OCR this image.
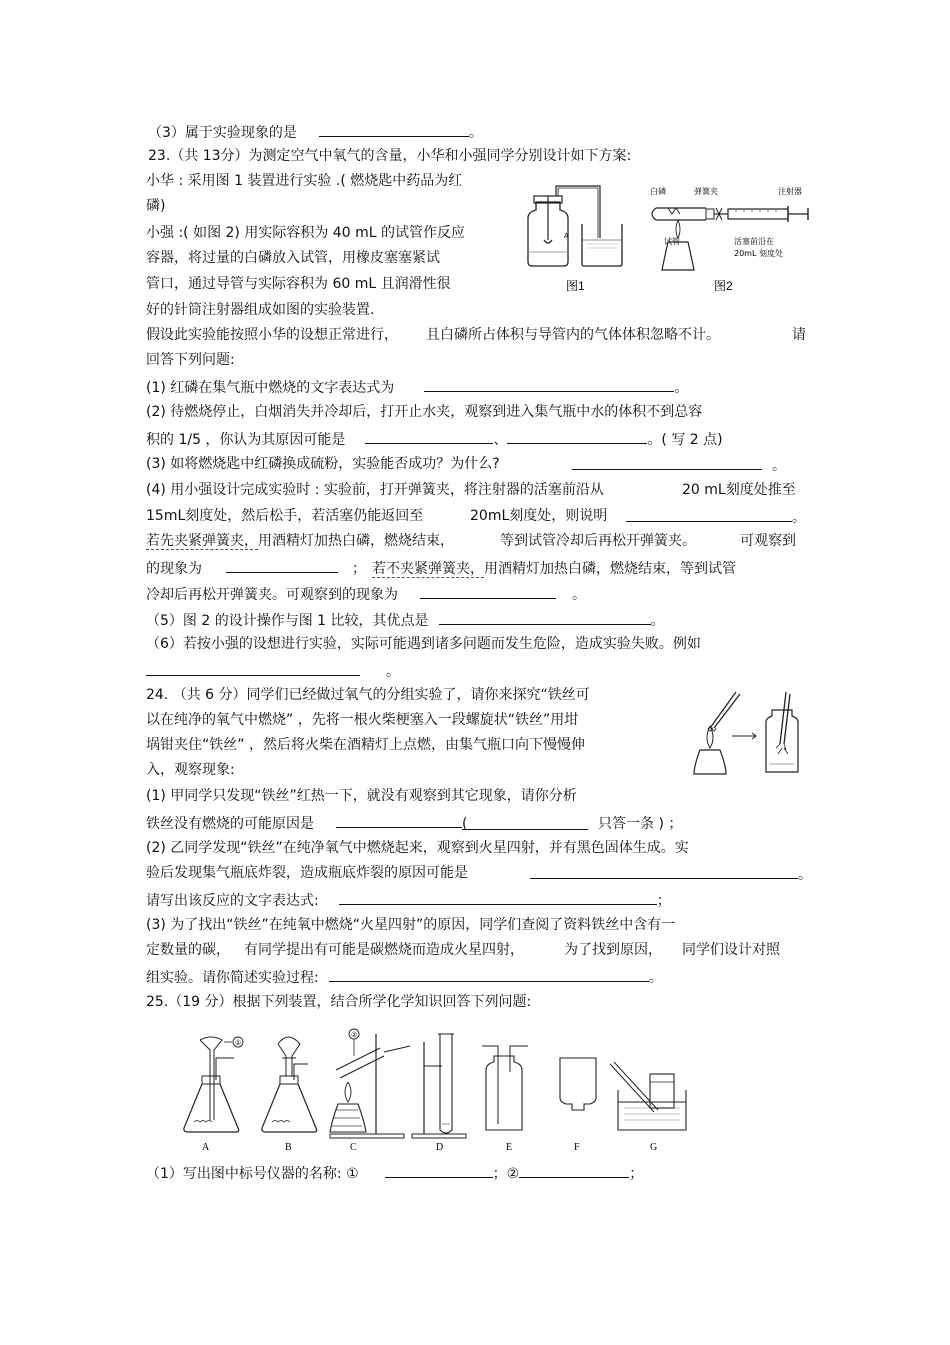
（3）属于实验现象的是	。
23.（共 13分）为测定空气中氧气的含量，小华和小强同学分别设计如下方案:
小华 : 采用图 1 装置进行实验 .( 燃烧匙中药品为红
磷)
小强 :( 如图 2) 用实际容积为 40 mL 的试管作反应
容器，将过量的白磷放入试管，用橡皮塞塞紧试
管口，通过导管与实际容积为 60 mL 且润滑性很
好的针筒注射器组成如图的实验装置.
A
图1
白磷	弹簧夹	注射器
试管	活塞前沿在
20mL 刻度处
图2
假设此实验能按照小华的设想正常进行， 且白磷所占体积与导管内的气体体积忽略不计。	请
回答下列问题:
(1) 红磷在集气瓶中燃烧的文字表达式为	。
(2) 待燃烧停止，白烟消失并冷却后，打开止水夹，观察到进入集气瓶中水的体积不到总容
积的 1/5 ，你认为其原因可能是	、	。( 写 2 点)
(3) 如将燃烧匙中红磷换成硫粉，实验能否成功？为什么?	。
(4) 用小强设计完成实验时 : 实验前，打开弹簧夹，将注射器的活塞前沿从	20 mL刻度处推至
15mL刻度处，然后松手，若活塞仍能返回至	20mL刻度处，则说明	。
若先夹紧弹簧夹，用酒精灯加热白磷，燃烧结束，	等到试管冷却后再松开弹簧夹。	可观察到
的现象为	； 若不夹紧弹簧夹，用酒精灯加热白磷，燃烧结束，等到试管
冷却后再松开弹簧夹。可观察到的现象为	。
（5）图 2 的设计操作与图 1 比较，其优点是	。
（6）若按小强的设想进行实验，实际可能遇到诸多问题而发生危险，造成实验失败。例如
。
24. （共 6 分）同学们已经做过氧气的分组实验了，请你来探究“铁丝可
以在纯净的氧气中燃烧” ，先将一根火柴梗塞入一段螺旋状“铁丝”用坩
埚钳夹住“铁丝” ，然后将火柴在酒精灯上点燃，由集气瓶口向下慢慢伸
入，观察现象:
(1) 甲同学只发现“铁丝”红热一下，就没有观察到其它现象，请你分析
铁丝没有燃烧的可能原因是	(	只答一条 ) ；
(2) 乙同学发现“铁丝”在纯净氧气中燃烧起来，观察到火星四射，并有黑色固体生成。实
验后发现集气瓶底炸裂，造成瓶底炸裂的原因可能是	。
请写出该反应的文字表达式:	；
(3) 为了找出“铁丝”在纯氧中燃烧“火星四射”的原因，同学们查阅了资料铁丝中含有一
定数量的碳， 有同学提出有可能是碳燃烧而造成火星四射，	为了找到原因， 同学们设计对照
组实验。请你简述实验过程:	。
25.（19 分）根据下列装置，结合所学化学知识回答下列问题:
①
②
A	B	C	D	E	F	G
（1）写出图中标号仪器的名称: ①	；②	；
